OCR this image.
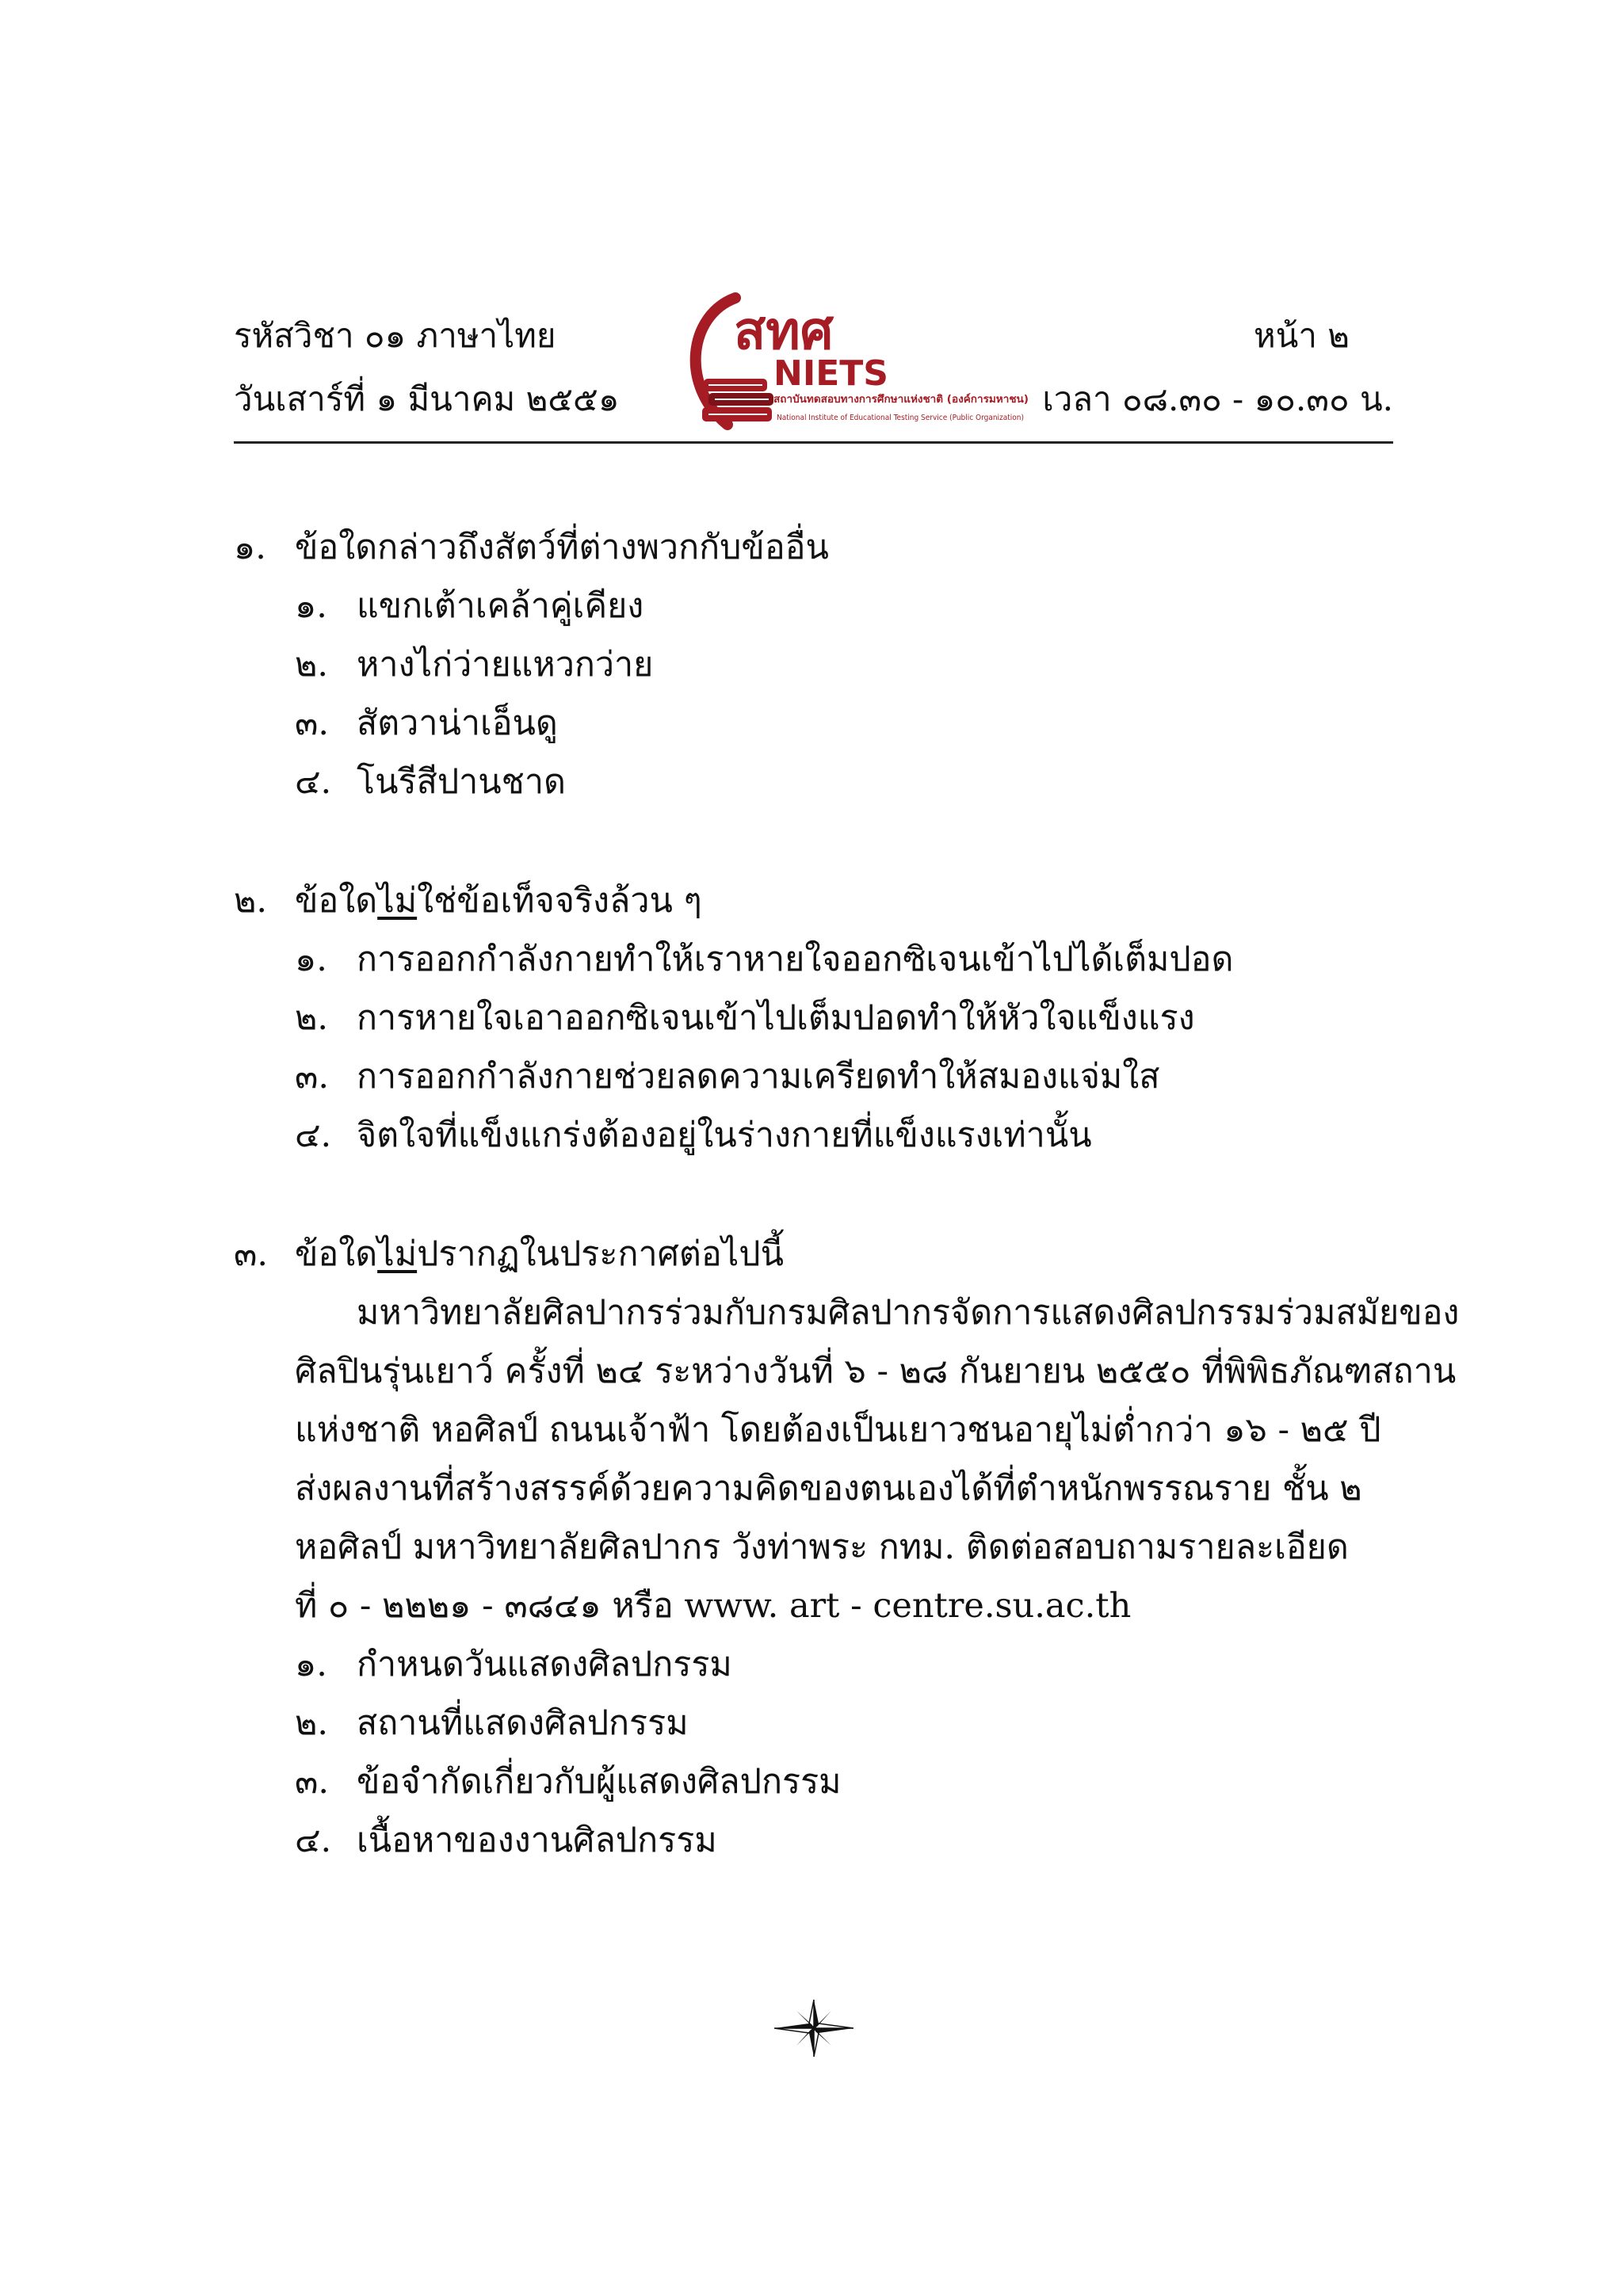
รหัสวิชา ๐๑ ภาษาไทย
วันเสาร์ที่ ๑ มีนาคม ๒๕๕๑
หน้า ๒
เวลา ๐๘.๓๐ - ๑๐.๓๐ น.
สทศ
NIETS
สถาบันทดสอบทางการศึกษาแห่งชาติ (องค์การมหาชน)
National Institute of Educational Testing Service (Public Organization)
๑. ข้อใดกล่าวถึงสัตว์ที่ต่างพวกกับข้ออื่น
๑. แขกเต้าเคล้าคู่เคียง
๒. หางไก่ว่ายแหวกว่าย
๓. สัตวาน่าเอ็นดู
๔. โนรีสีปานชาด
๒. ข้อใดไม่ใช่ข้อเท็จจริงล้วน ๆ
๑. การออกกำลังกายทำให้เราหายใจออกซิเจนเข้าไปได้เต็มปอด
๒. การหายใจเอาออกซิเจนเข้าไปเต็มปอดทำให้หัวใจแข็งแรง
๓. การออกกำลังกายช่วยลดความเครียดทำให้สมองแจ่มใส
๔. จิตใจที่แข็งแกร่งต้องอยู่ในร่างกายที่แข็งแรงเท่านั้น
๓. ข้อใดไม่ปรากฏในประกาศต่อไปนี้
มหาวิทยาลัยศิลปากรร่วมกับกรมศิลปากรจัดการแสดงศิลปกรรมร่วมสมัยของ
ศิลปินรุ่นเยาว์ ครั้งที่ ๒๔ ระหว่างวันที่ ๖ - ๒๘ กันยายน ๒๕๕๐ ที่พิพิธภัณฑสถาน
แห่งชาติ หอศิลป์ ถนนเจ้าฟ้า โดยต้องเป็นเยาวชนอายุไม่ต่ำกว่า ๑๖ - ๒๕ ปี
ส่งผลงานที่สร้างสรรค์ด้วยความคิดของตนเองได้ที่ตำหนักพรรณราย ชั้น ๒
หอศิลป์ มหาวิทยาลัยศิลปากร วังท่าพระ กทม. ติดต่อสอบถามรายละเอียด
ที่ ๐ - ๒๒๒๑ - ๓๘๔๑ หรือ www. art - centre.su.ac.th
๑. กำหนดวันแสดงศิลปกรรม
๒. สถานที่แสดงศิลปกรรม
๓. ข้อจำกัดเกี่ยวกับผู้แสดงศิลปกรรม
๔. เนื้อหาของงานศิลปกรรม
